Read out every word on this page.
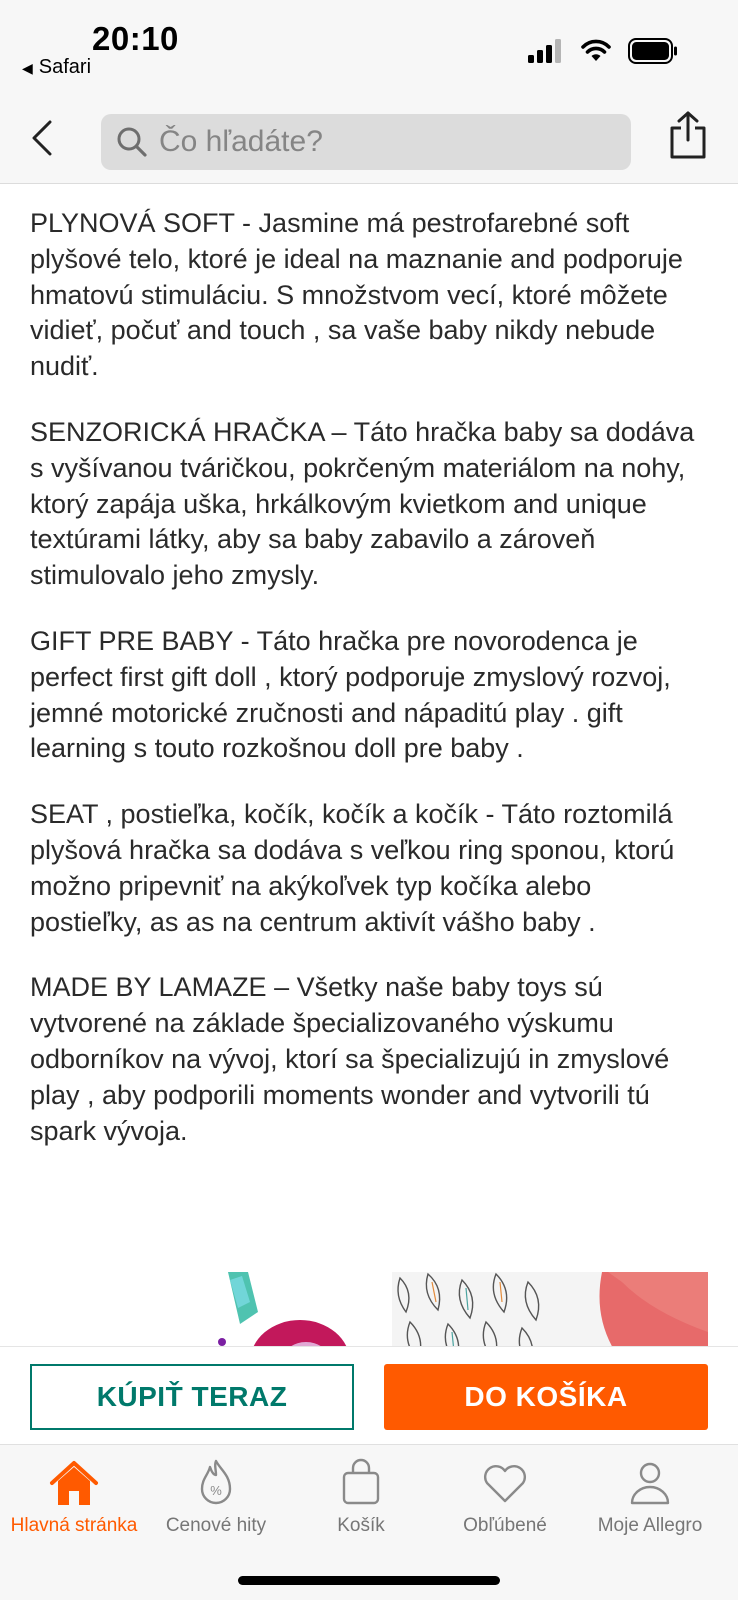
20:10
◀ Safari
Čo hľadáte?

PLYNOVÁ SOFT - Jasmine má pestrofarebné soft plyšové telo, ktoré je ideal na maznanie and podporuje hmatovú stimuláciu. S množstvom vecí, ktoré môžete vidieť, počuť and touch , sa vaše baby nikdy nebude nudiť.

SENZORICKÁ HRAČKA – Táto hračka baby sa dodáva s vyšívanou tváričkou, pokrčeným materiálom na nohy, ktorý zapája uška, hrkálkovým kvietkom and unique textúrami látky, aby sa baby zabavilo a zároveň stimulovalo jeho zmysly.

GIFT PRE BABY - Táto hračka pre novorodenca je perfect first gift doll , ktorý podporuje zmyslový rozvoj, jemné motorické zručnosti and nápaditú play . gift learning s touto rozkošnou doll pre baby .

SEAT , postieľka, kočík, kočík a kočík - Táto roztomilá plyšová hračka sa dodáva s veľkou ring sponou, ktorú možno pripevniť na akýkoľvek typ kočíka alebo postieľky, as as na centrum aktivít vášho baby .

MADE BY LAMAZE – Všetky naše baby toys sú vytvorené na základe špecializovaného výskumu odborníkov na vývoj, ktorí sa špecializujú in zmyslové play , aby podporili moments wonder and vytvorili tú spark vývoja.

KÚPIŤ TERAZ	DO KOŠÍKA
Hlavná stránka
%
Cenové hity	Košík	Obľúbené	Moje Allegro
